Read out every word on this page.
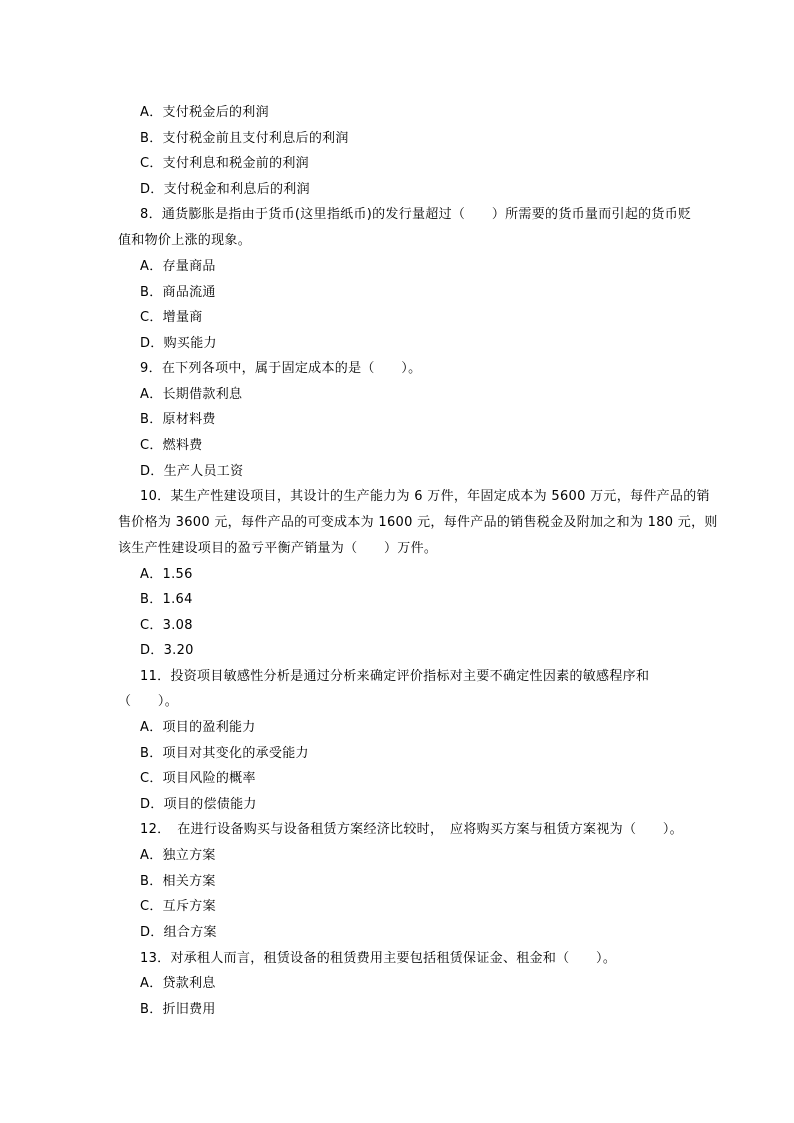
A．支付税金后的利润
B．支付税金前且支付利息后的利润
C．支付利息和税金前的利润
D．支付税金和利息后的利润
8．通货膨胀是指由于货币(这里指纸币)的发行量超过（　　）所需要的货币量而引起的货币贬
值和物价上涨的现象。
A．存量商品
B．商品流通
C．增量商
D．购买能力
9．在下列各项中，属于固定成本的是（　　）。
A．长期借款利息
B．原材料费
C．燃料费
D．生产人员工资
10．某生产性建设项目，其设计的生产能力为 6 万件，年固定成本为 5600 万元，每件产品的销
售价格为 3600 元，每件产品的可变成本为 1600 元，每件产品的销售税金及附加之和为 180 元，则
该生产性建设项目的盈亏平衡产销量为（　　）万件。
A．1.56
B．1.64
C．3.08
D．3.20
11．投资项目敏感性分析是通过分析来确定评价指标对主要不确定性因素的敏感程序和
（　　）。
A．项目的盈利能力
B．项目对其变化的承受能力
C．项目风险的概率
D．项目的偿债能力
12．　在进行设备购买与设备租赁方案经济比较时，　应将购买方案与租赁方案视为（　　）。
A．独立方案
B．相关方案
C．互斥方案
D．组合方案
13．对承租人而言，租赁设备的租赁费用主要包括租赁保证金、租金和（　　）。
A．贷款利息
B．折旧费用
